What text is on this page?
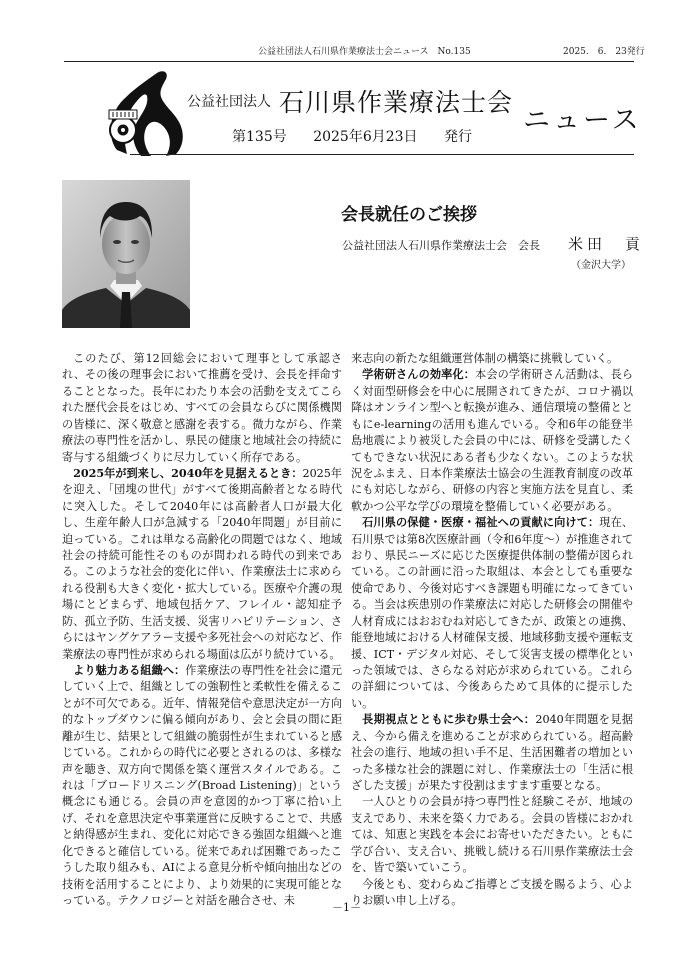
公益社団法人石川県作業療法士会ニュース　No.135	2025.　6.　23発行
公益社団法人 石川県作業療法士会
ニュース
第135号 2025年6月23日 発行
会長就任のご挨拶
公益社団法人石川県作業療法士会　会長 米田　貢
（金沢大学）

このたび、第12回総会において理事として承認され、その後の理事会において推薦を受け、会長を拝命することとなった。長年にわたり本会の活動を支えてこられた歴代会長をはじめ、すべての会員ならびに関係機関の皆様に、深く敬意と感謝を表する。微力ながら、作業療法の専門性を活かし、県民の健康と地域社会の持続に寄与する組織づくりに尽力していく所存である。

2025年が到来し、2040年を見据えるとき：2025年を迎え、「団塊の世代」がすべて後期高齢者となる時代に突入した。そして2040年には高齢者人口が最大化し、生産年齢人口が急減する「2040年問題」が目前に迫っている。これは単なる高齢化の問題ではなく、地域社会の持続可能性そのものが問われる時代の到来である。このような社会的変化に伴い、作業療法士に求められる役割も大きく変化・拡大している。医療や介護の現場にとどまらず、地域包括ケア、フレイル・認知症予防、孤立予防、生活支援、災害リハビリテーション、さらにはヤングケアラー支援や多死社会への対応など、作業療法の専門性が求められる場面は広がり続けている。

より魅力ある組織へ：作業療法の専門性を社会に還元していく上で、組織としての強靭性と柔軟性を備えることが不可欠である。近年、情報発信や意思決定が一方向的なトップダウンに偏る傾向があり、会と会員の間に距離が生じ、結果として組織の脆弱性が生まれていると感じている。これからの時代に必要とされるのは、多様な声を聴き、双方向で関係を築く運営スタイルである。これは「ブロードリスニング(Broad Listening)」という概念にも通じる。会員の声を意図的かつ丁寧に拾い上げ、それを意思決定や事業運営に反映することで、共感と納得感が生まれ、変化に対応できる強固な組織へと進化できると確信している。従来であれば困難であったこうした取り組みも、AIによる意見分析や傾向抽出などの技術を活用することにより、より効果的に実現可能となっている。テクノロジーと対話を融合させ、未

来志向の新たな組織運営体制の構築に挑戦していく。

学術研さんの効率化：本会の学術研さん活動は、長らく対面型研修会を中心に展開されてきたが、コロナ禍以降はオンライン型へと転換が進み、通信環境の整備とともにe-learningの活用も進んでいる。令和6年の能登半島地震により被災した会員の中には、研修を受講したくてもできない状況にある者も少なくない。このような状況をふまえ、日本作業療法士協会の生涯教育制度の改革にも対応しながら、研修の内容と実施方法を見直し、柔軟かつ公平な学びの環境を整備していく必要がある。

石川県の保健・医療・福祉への貢献に向けて：現在、石川県では第8次医療計画（令和6年度〜）が推進されており、県民ニーズに応じた医療提供体制の整備が図られている。この計画に沿った取組は、本会としても重要な使命であり、今後対応すべき課題も明確になってきている。当会は疾患別の作業療法に対応した研修会の開催や人材育成にはおおむね対応してきたが、政策との連携、能登地域における人材確保支援、地域移動支援や運転支援、ICT・デジタル対応、そして災害支援の標準化といった領域では、さらなる対応が求められている。これらの詳細については、今後あらためて具体的に提示したい。

長期視点とともに歩む県士会へ：2040年問題を見据え、今から備えを進めることが求められている。超高齢社会の進行、地域の担い手不足、生活困難者の増加といった多様な社会的課題に対し、作業療法士の「生活に根ざした支援」が果たす役割はますます重要となる。

一人ひとりの会員が持つ専門性と経験こそが、地域の支えであり、未来を築く力である。会員の皆様におかれては、知恵と実践を本会にお寄せいただきたい。ともに学び合い、支え合い、挑戦し続ける石川県作業療法士会を、皆で築いていこう。

今後とも、変わらぬご指導とご支援を賜るよう、心よりお願い申し上げる。

－1－
